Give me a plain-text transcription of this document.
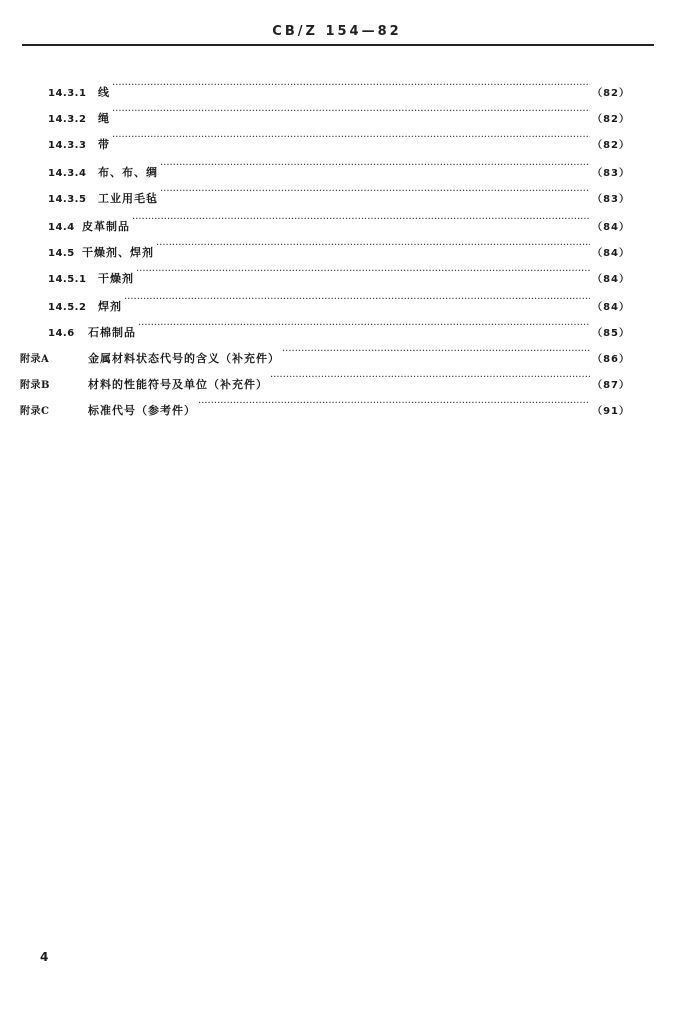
CB/Z 154—82
14.3.1	线 ·····	（82）
14.3.2	绳 ·····	（82）
14.3.3	带 ·····	（82）
14.3.4	布、布、绸 ·····	（83）
14.3.5	工业用毛毡 ·····	（83）
14.4 皮革制品 ·····	（84）
14.5 干燥剂、焊剂 ·····	（84）
14.5.1	干燥剂 ·····	（84）
14.5.2	焊剂 ·····	（84）
14.6	石棉制品 ·····	（85）
附录A	金属材料状态代号的含义（补充件） ·····	（86）
附录B	材料的性能符号及单位（补充件） ·····	（87）
附录C	标准代号（参考件） ·····	（91）
4
